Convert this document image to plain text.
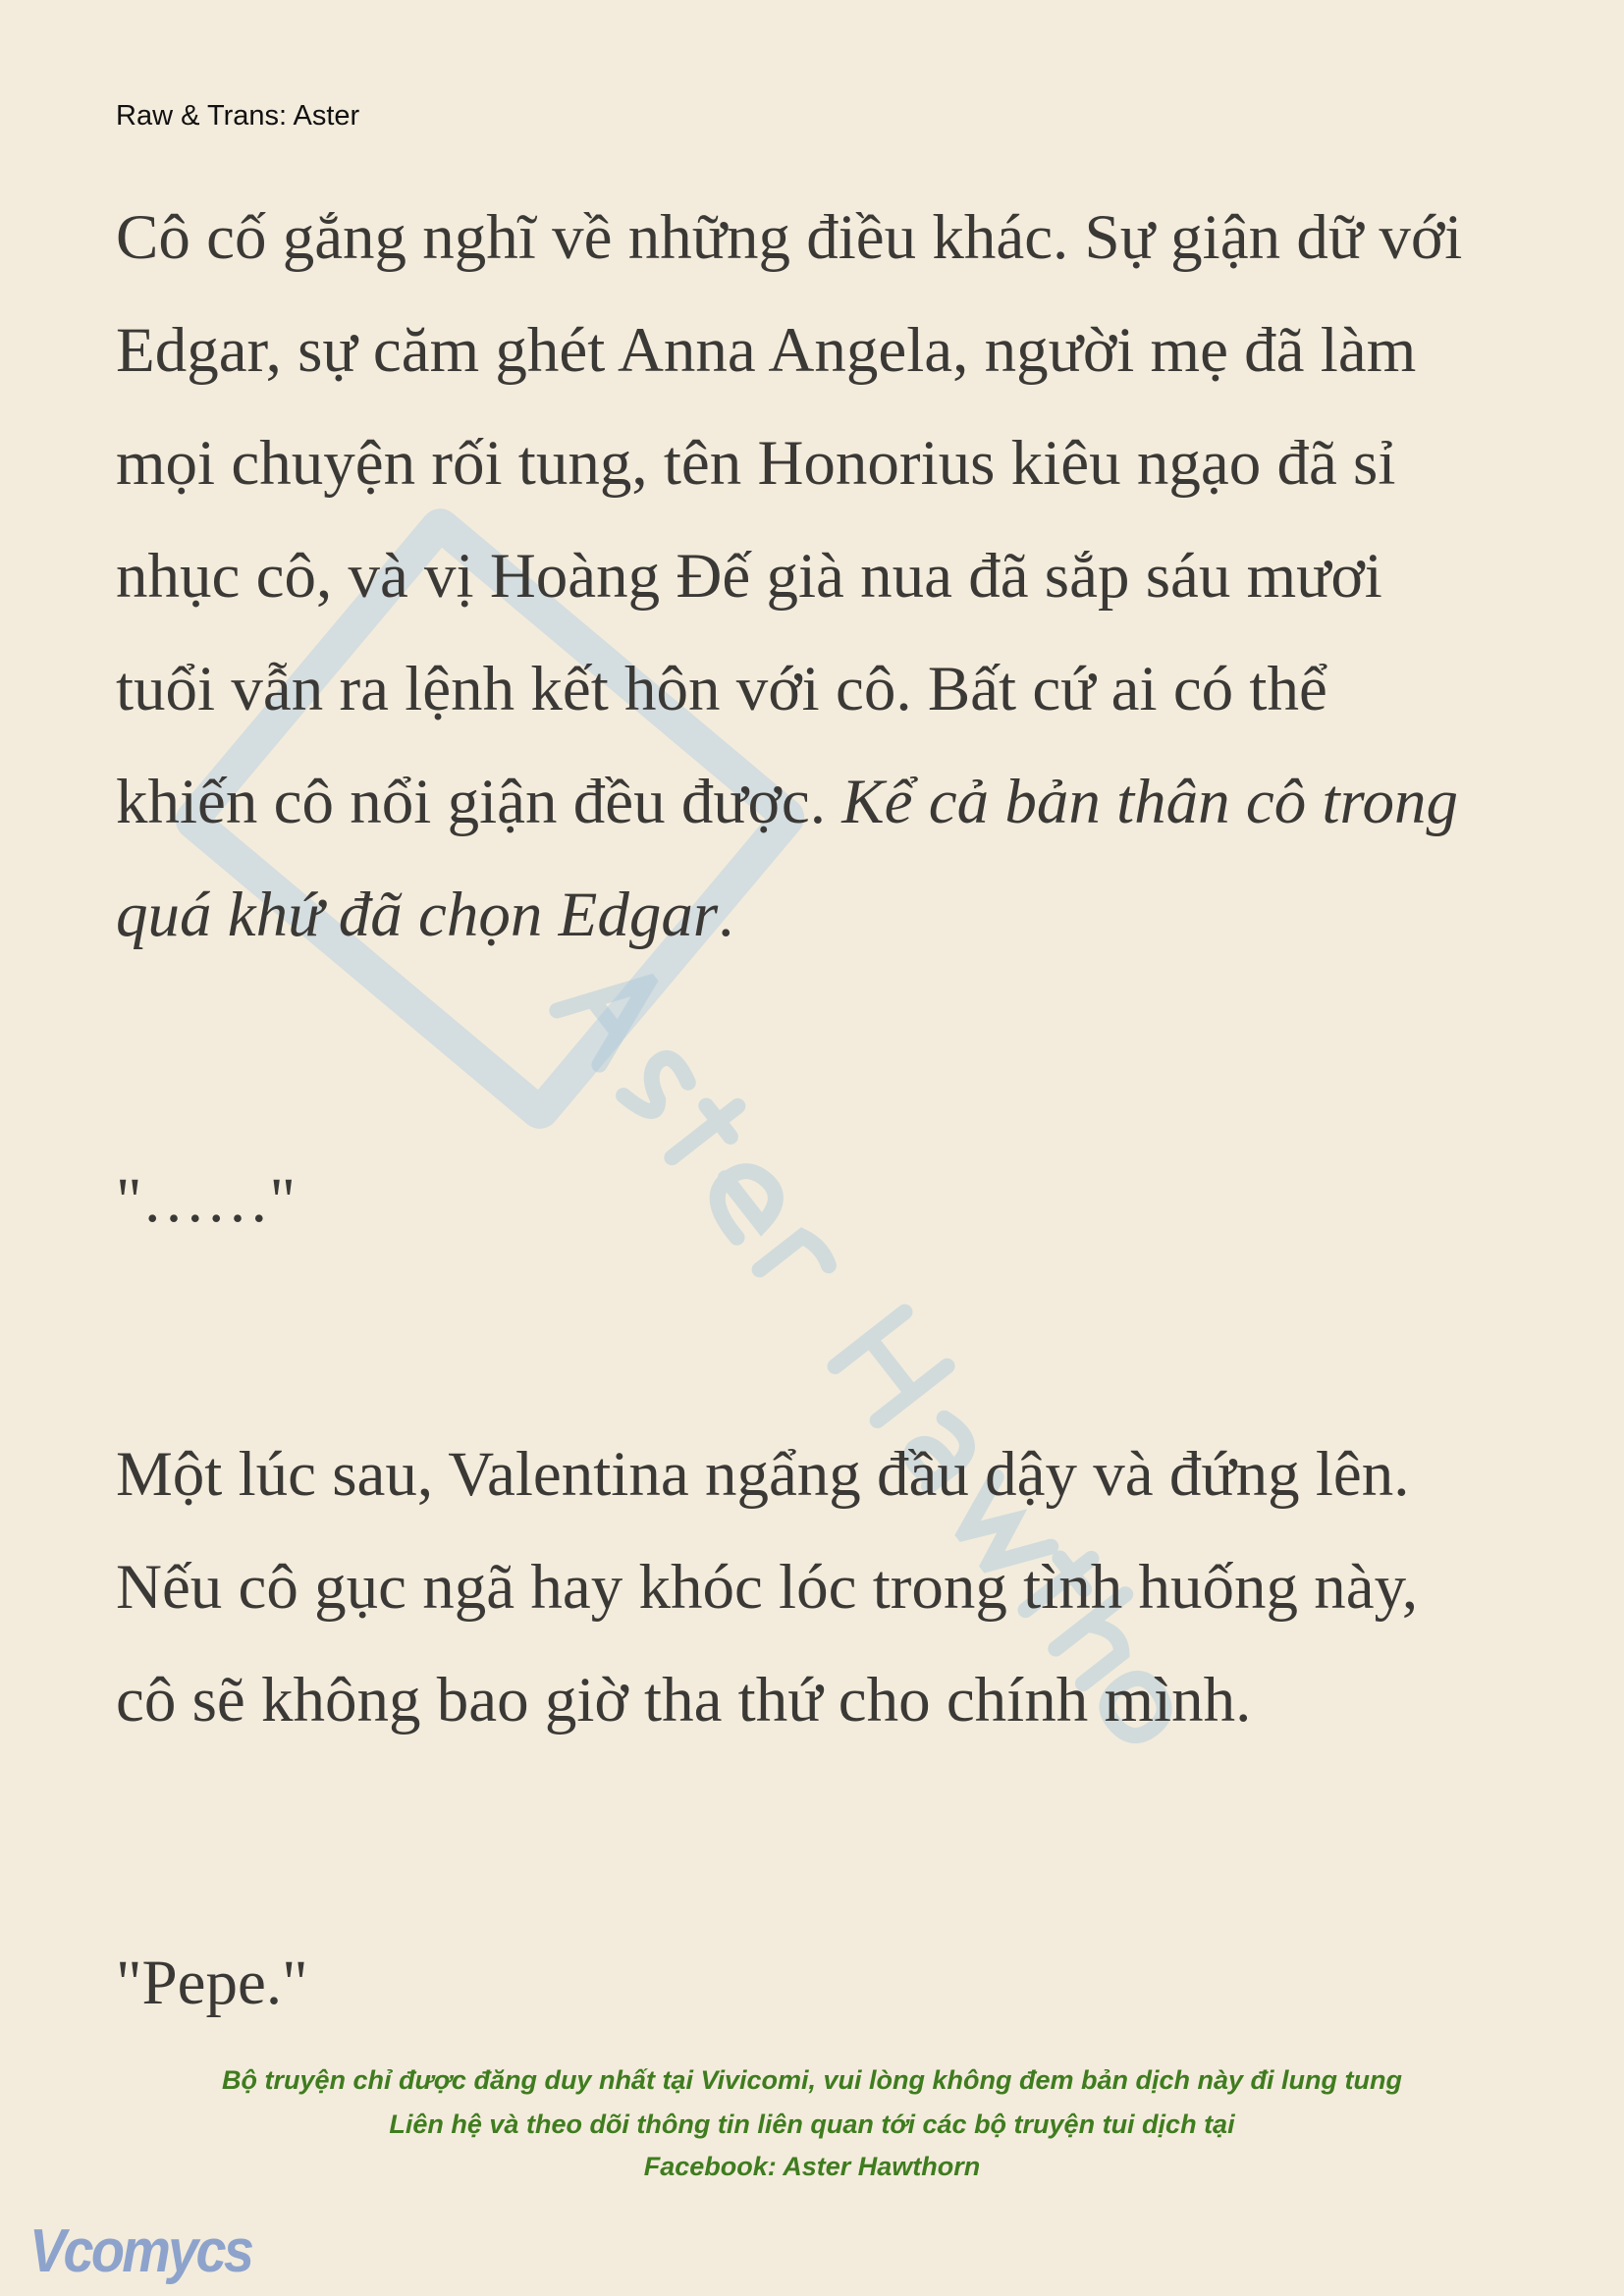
Raw & Trans: Aster
Cô cố gắng nghĩ về những điều khác. Sự giận dữ với
Edgar, sự căm ghét Anna Angela, người mẹ đã làm
mọi chuyện rối tung, tên Honorius kiêu ngạo đã sỉ
nhục cô, và vị Hoàng Đế già nua đã sắp sáu mươi
tuổi vẫn ra lệnh kết hôn với cô. Bất cứ ai có thể
khiến cô nổi giận đều được. Kể cả bản thân cô trong
quá khứ đã chọn Edgar.
"……"
Một lúc sau, Valentina ngẩng đầu dậy và đứng lên.
Nếu cô gục ngã hay khóc lóc trong tình huống này,
cô sẽ không bao giờ tha thứ cho chính mình.
"Pepe."
Bộ truyện chỉ được đăng duy nhất tại Vivicomi, vui lòng không đem bản dịch này đi lung tung
Liên hệ và theo dõi thông tin liên quan tới các bộ truyện tui dịch tại
Facebook: Aster Hawthorn
Vcomycs
